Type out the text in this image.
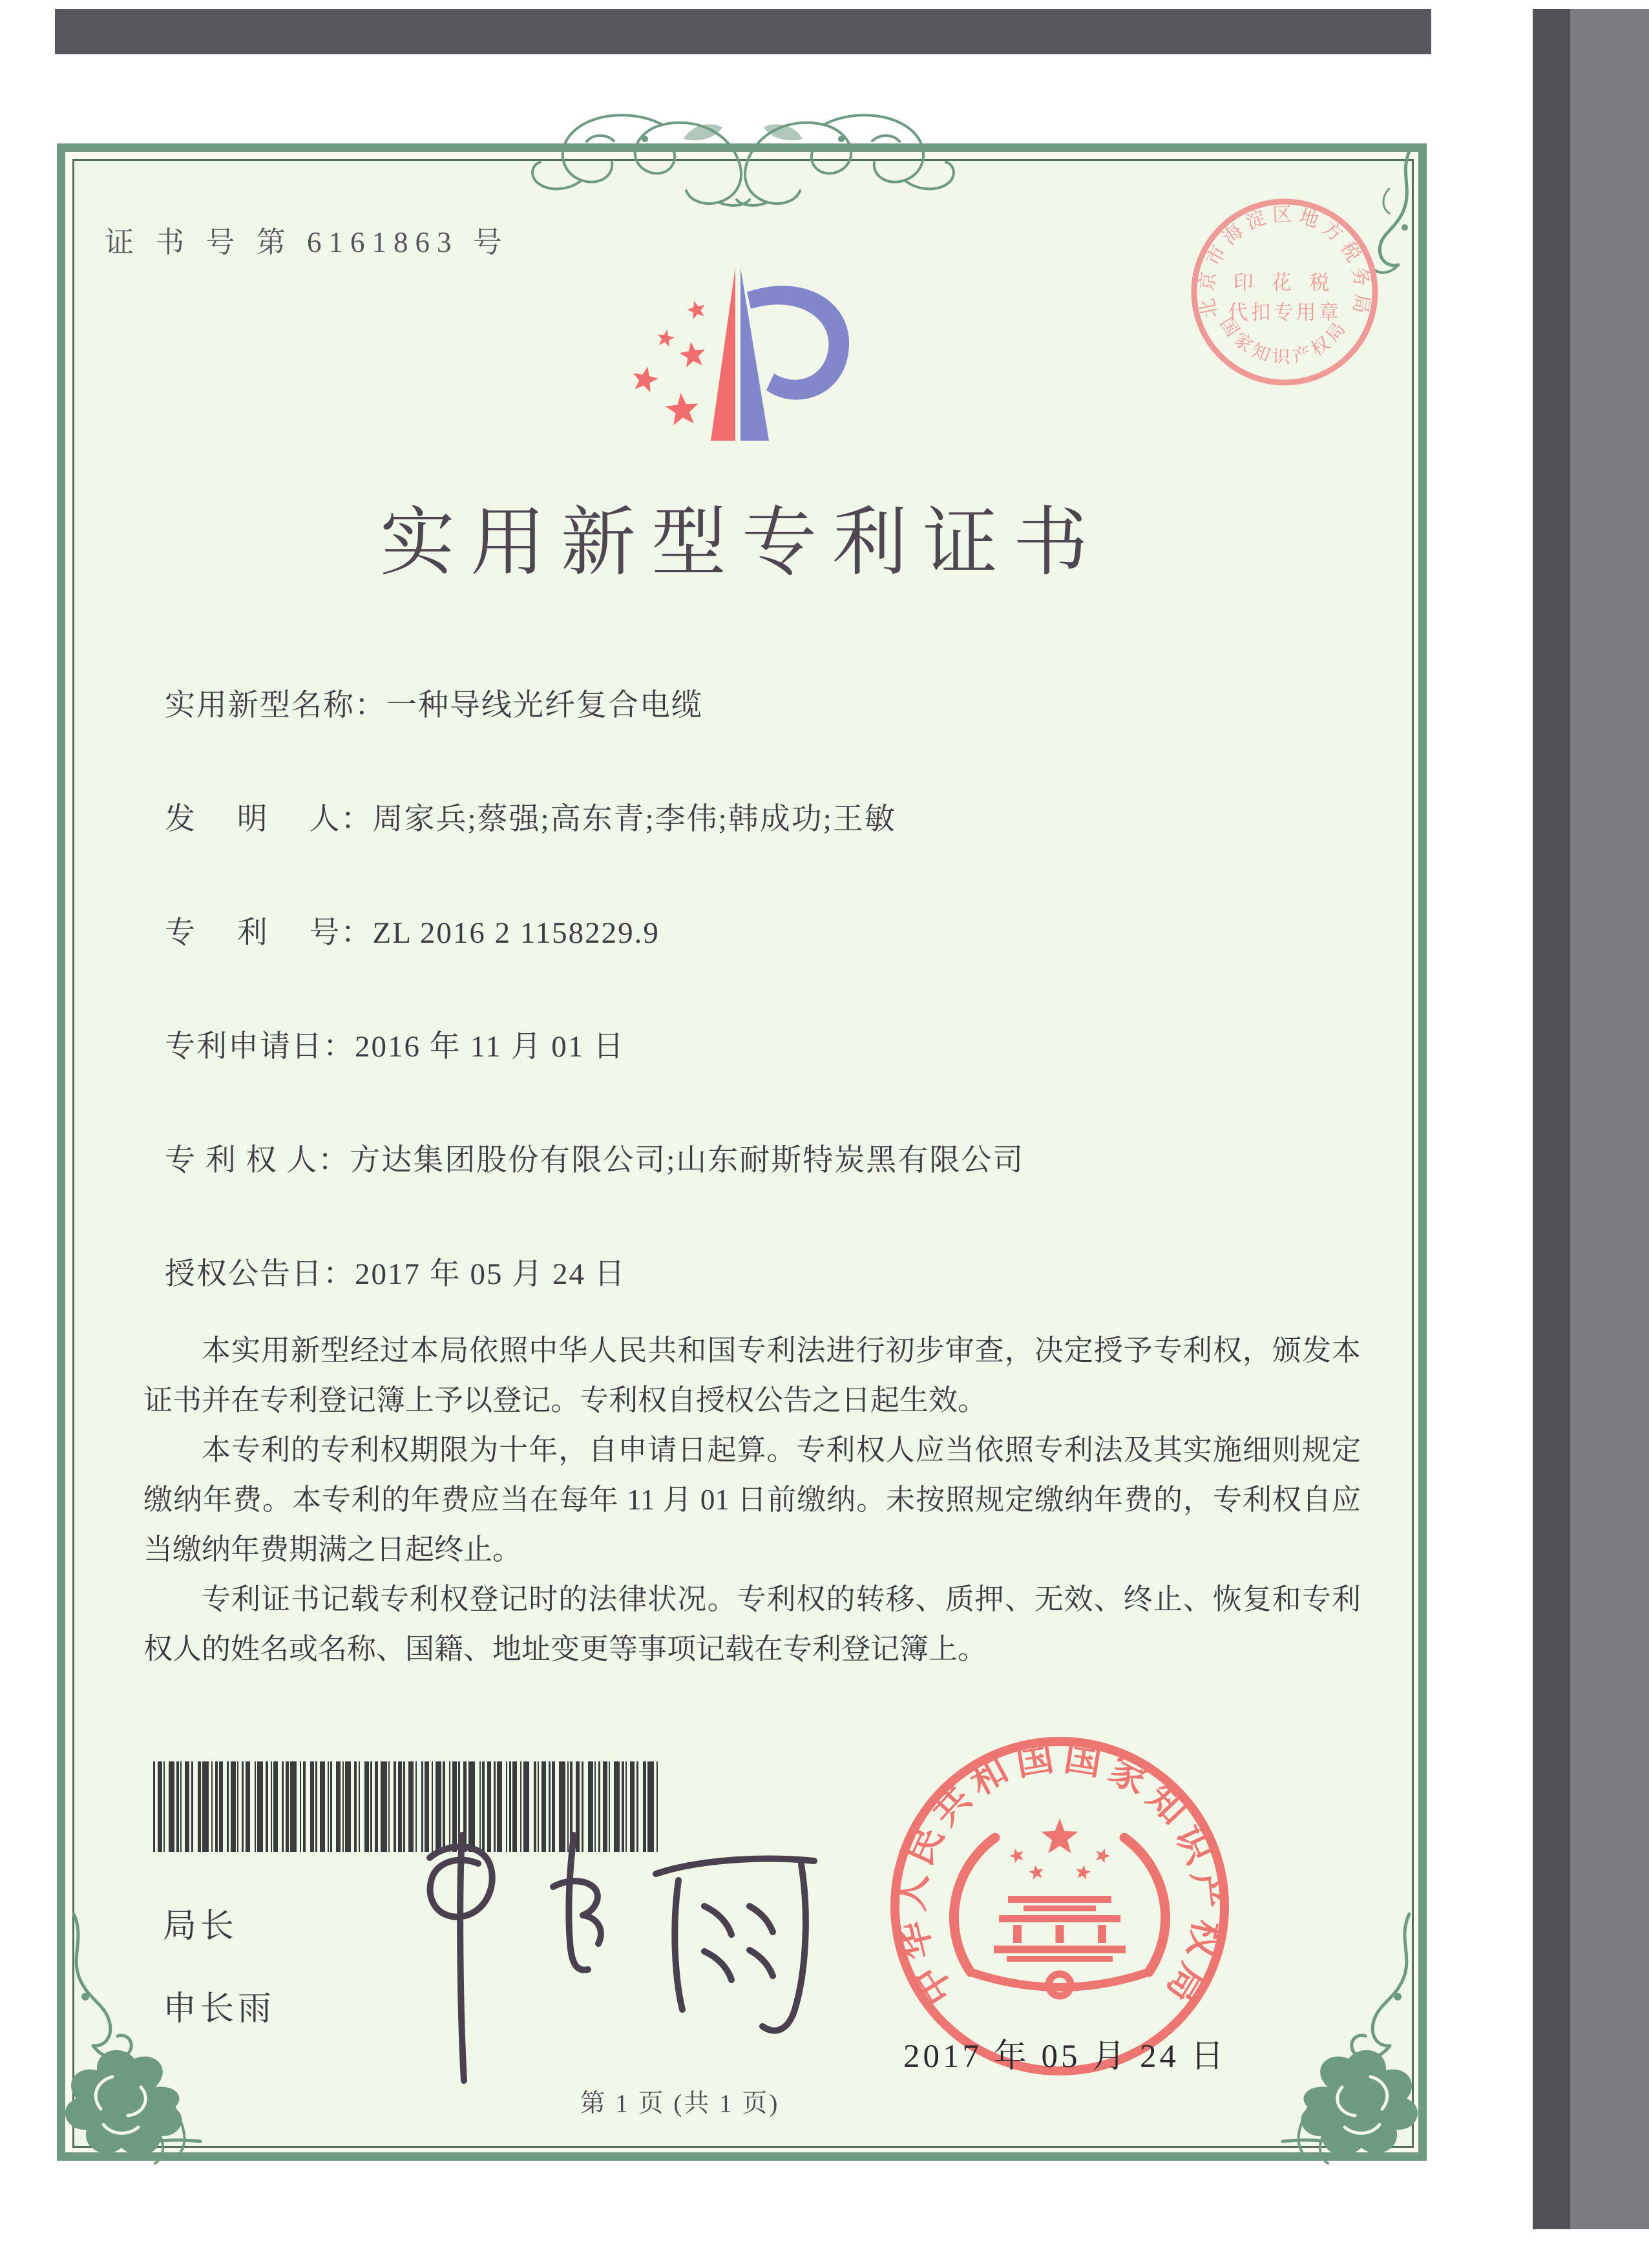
证 书 号 第 6161863 号
北京市海淀区地方税务局
印 花 税
代扣专用章
国家知识产权局
实用新型专利证书
实用新型名称：一种导线光纤复合电缆
发　 明　 人：周家兵;蔡强;高东青;李伟;韩成功;王敏
专　 利　 号：ZL 2016 2 1158229.9
专利申请日：2016 年 11 月 01 日
专 利 权 人：方达集团股份有限公司;山东耐斯特炭黑有限公司
授权公告日：2017 年 05 月 24 日

本实用新型经过本局依照中华人民共和国专利法进行初步审查，决定授予专利权，颁发本证书并在专利登记簿上予以登记。专利权自授权公告之日起生效。

本专利的专利权期限为十年，自申请日起算。专利权人应当依照专利法及其实施细则规定缴纳年费。本专利的年费应当在每年 11 月 01 日前缴纳。未按照规定缴纳年费的，专利权自应当缴纳年费期满之日起终止。

专利证书记载专利权登记时的法律状况。专利权的转移、质押、无效、终止、恢复和专利权人的姓名或名称、国籍、地址变更等事项记载在专利登记簿上。

局长
申长雨	中华人民共和国国家知识产权局
2017 年 05 月 24 日
第 1 页 (共 1 页)
